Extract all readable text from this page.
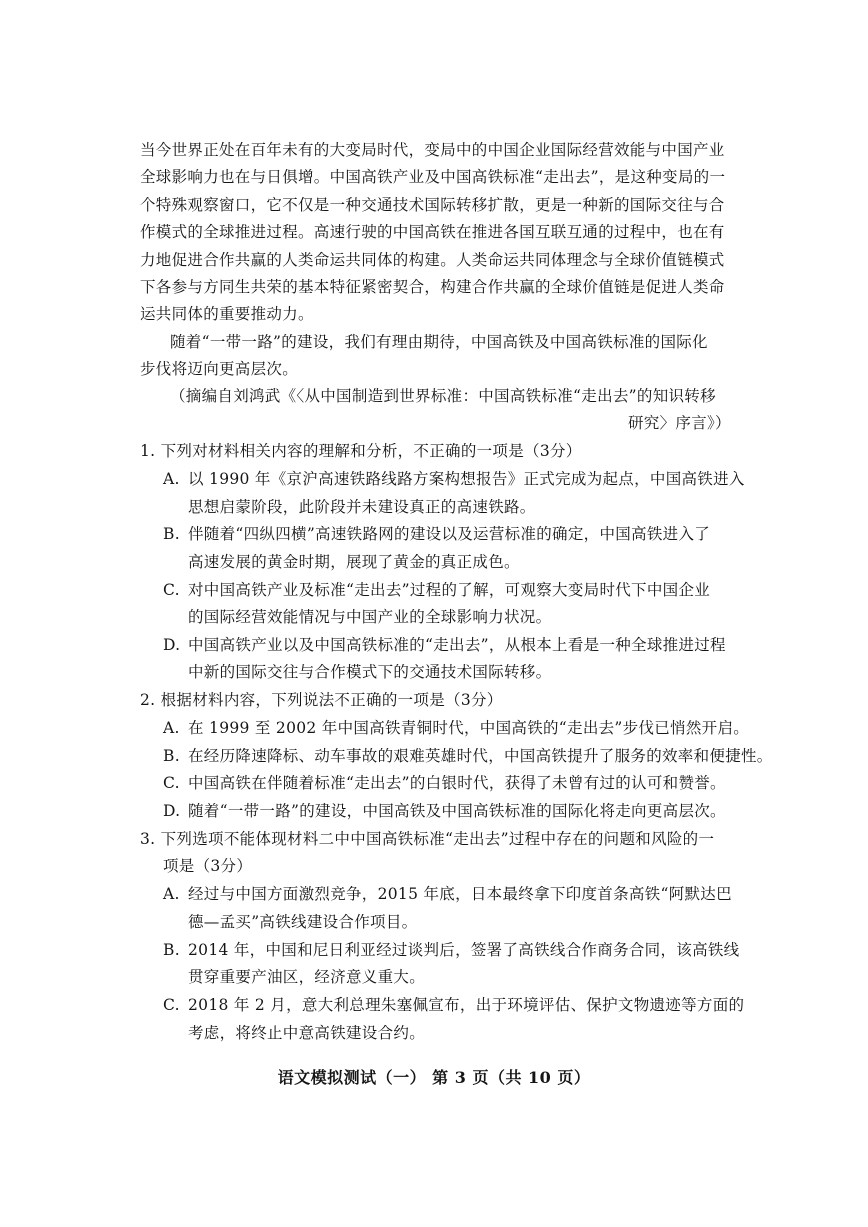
当今世界正处在百年未有的大变局时代，变局中的中国企业国际经营效能与中国产业
全球影响力也在与日俱增。中国高铁产业及中国高铁标准“走出去”，是这种变局的一
个特殊观察窗口，它不仅是一种交通技术国际转移扩散，更是一种新的国际交往与合
作模式的全球推进过程。高速行驶的中国高铁在推进各国互联互通的过程中，也在有
力地促进合作共赢的人类命运共同体的构建。人类命运共同体理念与全球价值链模式
下各参与方同生共荣的基本特征紧密契合，构建合作共赢的全球价值链是促进人类命
运共同体的重要推动力。
随着“一带一路”的建设，我们有理由期待，中国高铁及中国高铁标准的国际化
步伐将迈向更高层次。
（摘编自刘鸿武《〈从中国制造到世界标准：中国高铁标准“走出去”的知识转移
研究〉序言》）
1. 下列对材料相关内容的理解和分析，不正确的一项是（3分）
A. 以 1990 年《京沪高速铁路线路方案构想报告》正式完成为起点，中国高铁进入
思想启蒙阶段，此阶段并未建设真正的高速铁路。
B. 伴随着“四纵四横”高速铁路网的建设以及运营标准的确定，中国高铁进入了
高速发展的黄金时期，展现了黄金的真正成色。
C. 对中国高铁产业及标准“走出去”过程的了解，可观察大变局时代下中国企业
的国际经营效能情况与中国产业的全球影响力状况。
D. 中国高铁产业以及中国高铁标准的“走出去”，从根本上看是一种全球推进过程
中新的国际交往与合作模式下的交通技术国际转移。
2. 根据材料内容，下列说法不正确的一项是（3分）
A. 在 1999 至 2002 年中国高铁青铜时代，中国高铁的“走出去”步伐已悄然开启。
B. 在经历降速降标、动车事故的艰难英雄时代，中国高铁提升了服务的效率和便捷性。
C. 中国高铁在伴随着标准“走出去”的白银时代，获得了未曾有过的认可和赞誉。
D. 随着“一带一路”的建设，中国高铁及中国高铁标准的国际化将走向更高层次。
3. 下列选项不能体现材料二中中国高铁标准“走出去”过程中存在的问题和风险的一
项是（3分）
A. 经过与中国方面激烈竞争，2015 年底，日本最终拿下印度首条高铁“阿默达巴
德—孟买”高铁线建设合作项目。
B. 2014 年，中国和尼日利亚经过谈判后，签署了高铁线合作商务合同，该高铁线
贯穿重要产油区，经济意义重大。
C. 2018 年 2 月，意大利总理朱塞佩宣布，出于环境评估、保护文物遗迹等方面的
考虑，将终止中意高铁建设合约。
语文模拟测试（一） 第 3 页（共 10 页）
